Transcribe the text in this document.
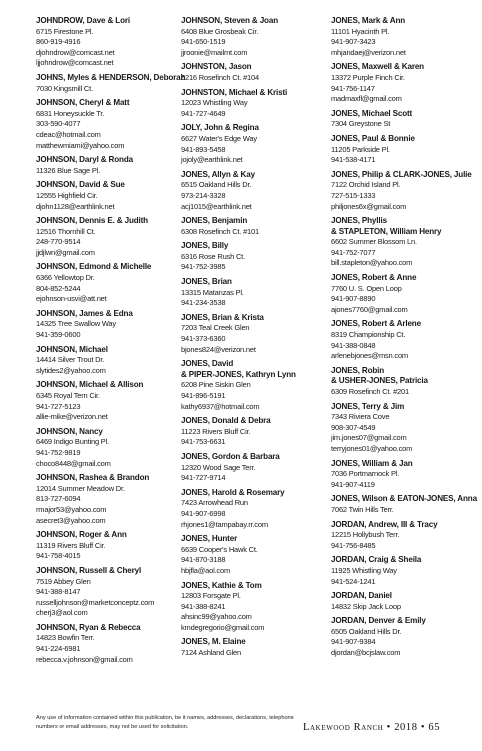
JOHNDROW, Dave & Lori
6715 Firestone Pl.
860-919-4916
djohndrow@comcast.net
ljjohndrow@comcast.net
JOHNS, Myles & HENDERSON, Deborah
7030 Kingsmill Ct.
JOHNSON, Cheryl & Matt
6831 Honeysuckle Tr.
303-590-4077
cdeac@hotmail.com
matthewmiami@yahoo.com
JOHNSON, Daryl & Ronda
11326 Blue Sage Pl.
JOHNSON, David & Sue
12555 Highfield Cir.
djohn1128@earthlink.net
JOHNSON, Dennis E. & Judith
12516 Thornhill Ct.
248-770-9514
jjdjlwn@gmail.com
JOHNSON, Edmond & Michelle
6366 Yellowtop Dr.
804-852-5244
ejohnson-usvi@att.net
JOHNSON, James & Edna
14325 Tree Swallow Way
941-359-0600
JOHNSON, Michael
14414 Silver Trout Dr.
slytides2@yahoo.com
JOHNSON, Michael & Allison
6345 Royal Tern Cir.
941-727-5123
allie-mike@verizon.net
JOHNSON, Nancy
6469 Indigo Bunting Pl.
941-752-9819
choco8448@gmail.com
JOHNSON, Rashea & Brandon
12014 Summer Meadow Dr.
813-727-6094
rmajor53@yahoo.com
asecret3@yahoo.com
JOHNSON, Roger & Ann
11319 Rivers Bluff Cir.
941-758-4015
JOHNSON, Russell & Cheryl
7519 Abbey Glen
941-388-8147
russelljohnson@marketconceptz.com
cherj3@aol.com
JOHNSON, Ryan & Rebecca
14823 Bowfin Terr.
941-224-6981
rebecca.v.johnson@gmail.com
JOHNSON, Steven & Joan
6408 Blue Grosbeak Cir.
941-650-1519
jjroonie@mailmt.com
JOHNSTON, Jason
6216 Rosefinch Ct. #104
JOHNSTON, Michael & Kristi
12023 Whistling Way
941-727-4649
JOLY, John & Regina
6627 Water's Edge Way
941-893-5458
jojoly@earthlink.net
JONES, Allyn & Kay
6515 Oakland Hills Dr.
973-214-3328
acj1015@earthlink.net
JONES, Benjamin
6308 Rosefinch Ct. #101
JONES, Billy
6316 Rose Rush Ct.
941-752-3985
JONES, Brian
13315 Matanzas Pl.
941-234-3538
JONES, Brian & Krista
7203 Teal Creek Glen
941-373-6360
bjones824@verizon.net
JONES, David
& PIPER-JONES, Kathryn Lynn
6208 Pine Siskin Glen
941-896-5191
kathy6937@hotmail.com
JONES, Donald & Debra
11223 Rivers Bluff Cir.
941-753-6631
JONES, Gordon & Barbara
12320 Wood Sage Terr.
941-727-9714
JONES, Harold & Rosemary
7423 Arrowhead Run
941-907-6998
rhjones1@tampabay.rr.com
JONES, Hunter
6639 Cooper's Hawk Ct.
941-870-3188
hbjfla@aol.com
JONES, Kathie & Tom
12803 Forsgate Pl.
941-388-8241
ahsinc99@yahoo.com
kmdegregorio@gmail.com
JONES, M. Elaine
7124 Ashland Glen
JONES, Mark & Ann
11101 Hyacinth Pl.
941-907-3423
mhjandaej@verizon.net
JONES, Maxwell & Karen
13372 Purple Finch Cir.
941-756-1147
madmaxfl@gmail.com
JONES, Michael Scott
7304 Greystone St
JONES, Paul & Bonnie
11205 Parkside Pl.
941-538-4171
JONES, Philip & CLARK-JONES, Julie
7122 Orchid Island Pl.
727-515-1333
philjones6x@gmail.com
JONES, Phyllis
& STAPLETON, William Henry
6602 Summer Blossom Ln.
941-752-7077
bill.stapleton@yahoo.com
JONES, Robert & Anne
7760 U. S. Open Loop
941-907-8890
ajones7760@gmail.com
JONES, Robert & Arlene
8319 Championship Ct.
941-388-0848
arlenebjones@msn.com
JONES, Robin
& USHER-JONES, Patricia
6309 Rosefinch Ct. #201
JONES, Terry & Jim
7343 Riviera Cove
908-307-4549
jim.jones07@gmail.com
terryjones01@yahoo.com
JONES, William & Jan
7036 Portmarnock Pl.
941-907-4119
JONES, Wilson & EATON-JONES, Anna
7062 Twin Hills Terr.
JORDAN, Andrew, III & Tracy
12215 Hollybush Terr.
941-756-8485
JORDAN, Craig & Sheila
11925 Whistling Way
941-524-1241
JORDAN, Daniel
14832 Skip Jack Loop
JORDAN, Denver & Emily
6505 Oakland Hills Dr.
941-907-9384
djordan@bcjslaw.com
Any use of information contained within this publication, be it names, addresses, declarations, telephone numbers or email addresses, may not be used for solicitation.	Lakewood Ranch • 2018 • 65
